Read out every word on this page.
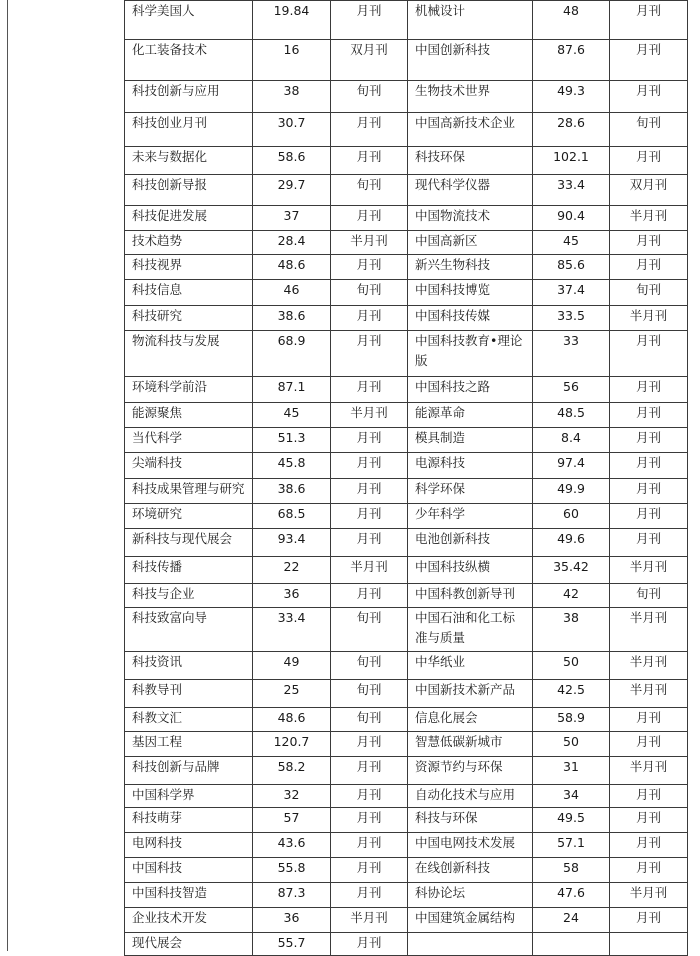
科学美国人	19.84	月刊	机械设计	48	月刊
化工装备技术	16	双月刊	中国创新科技	87.6	月刊
科技创新与应用	38	旬刊	生物技术世界	49.3	月刊
科技创业月刊	30.7	月刊	中国高新技术企业	28.6	旬刊
未来与数据化	58.6	月刊	科技环保	102.1	月刊
科技创新导报	29.7	旬刊	现代科学仪器	33.4	双月刊
科技促进发展	37	月刊	中国物流技术	90.4	半月刊
技术趋势	28.4	半月刊	中国高新区	45	月刊
科技视界	48.6	月刊	新兴生物科技	85.6	月刊
科技信息	46	旬刊	中国科技博览	37.4	旬刊
科技研究	38.6	月刊	中国科技传媒	33.5	半月刊
物流科技与发展	68.9	月刊	中国科技教育•理论版	33	月刊
环境科学前沿	87.1	月刊	中国科技之路	56	月刊
能源聚焦	45	半月刊	能源革命	48.5	月刊
当代科学	51.3	月刊	模具制造	8.4	月刊
尖端科技	45.8	月刊	电源科技	97.4	月刊
科技成果管理与研究	38.6	月刊	科学环保	49.9	月刊
环境研究	68.5	月刊	少年科学	60	月刊
新科技与现代展会	93.4	月刊	电池创新科技	49.6	月刊
科技传播	22	半月刊	中国科技纵横	35.42	半月刊
科技与企业	36	月刊	中国科教创新导刊	42	旬刊
科技致富向导	33.4	旬刊	中国石油和化工标准与质量	38	半月刊
科技资讯	49	旬刊	中华纸业	50	半月刊
科教导刊	25	旬刊	中国新技术新产品	42.5	半月刊
科教文汇	48.6	旬刊	信息化展会	58.9	月刊
基因工程	120.7	月刊	智慧低碳新城市	50	月刊
科技创新与品牌	58.2	月刊	资源节约与环保	31	半月刊
中国科学界	32	月刊	自动化技术与应用	34	月刊
科技萌芽	57	月刊	科技与环保	49.5	月刊
电网科技	43.6	月刊	中国电网技术发展	57.1	月刊
中国科技	55.8	月刊	在线创新科技	58	月刊
中国科技智造	87.3	月刊	科协论坛	47.6	半月刊
企业技术开发	36	半月刊	中国建筑金属结构	24	月刊
现代展会	55.7	月刊			
